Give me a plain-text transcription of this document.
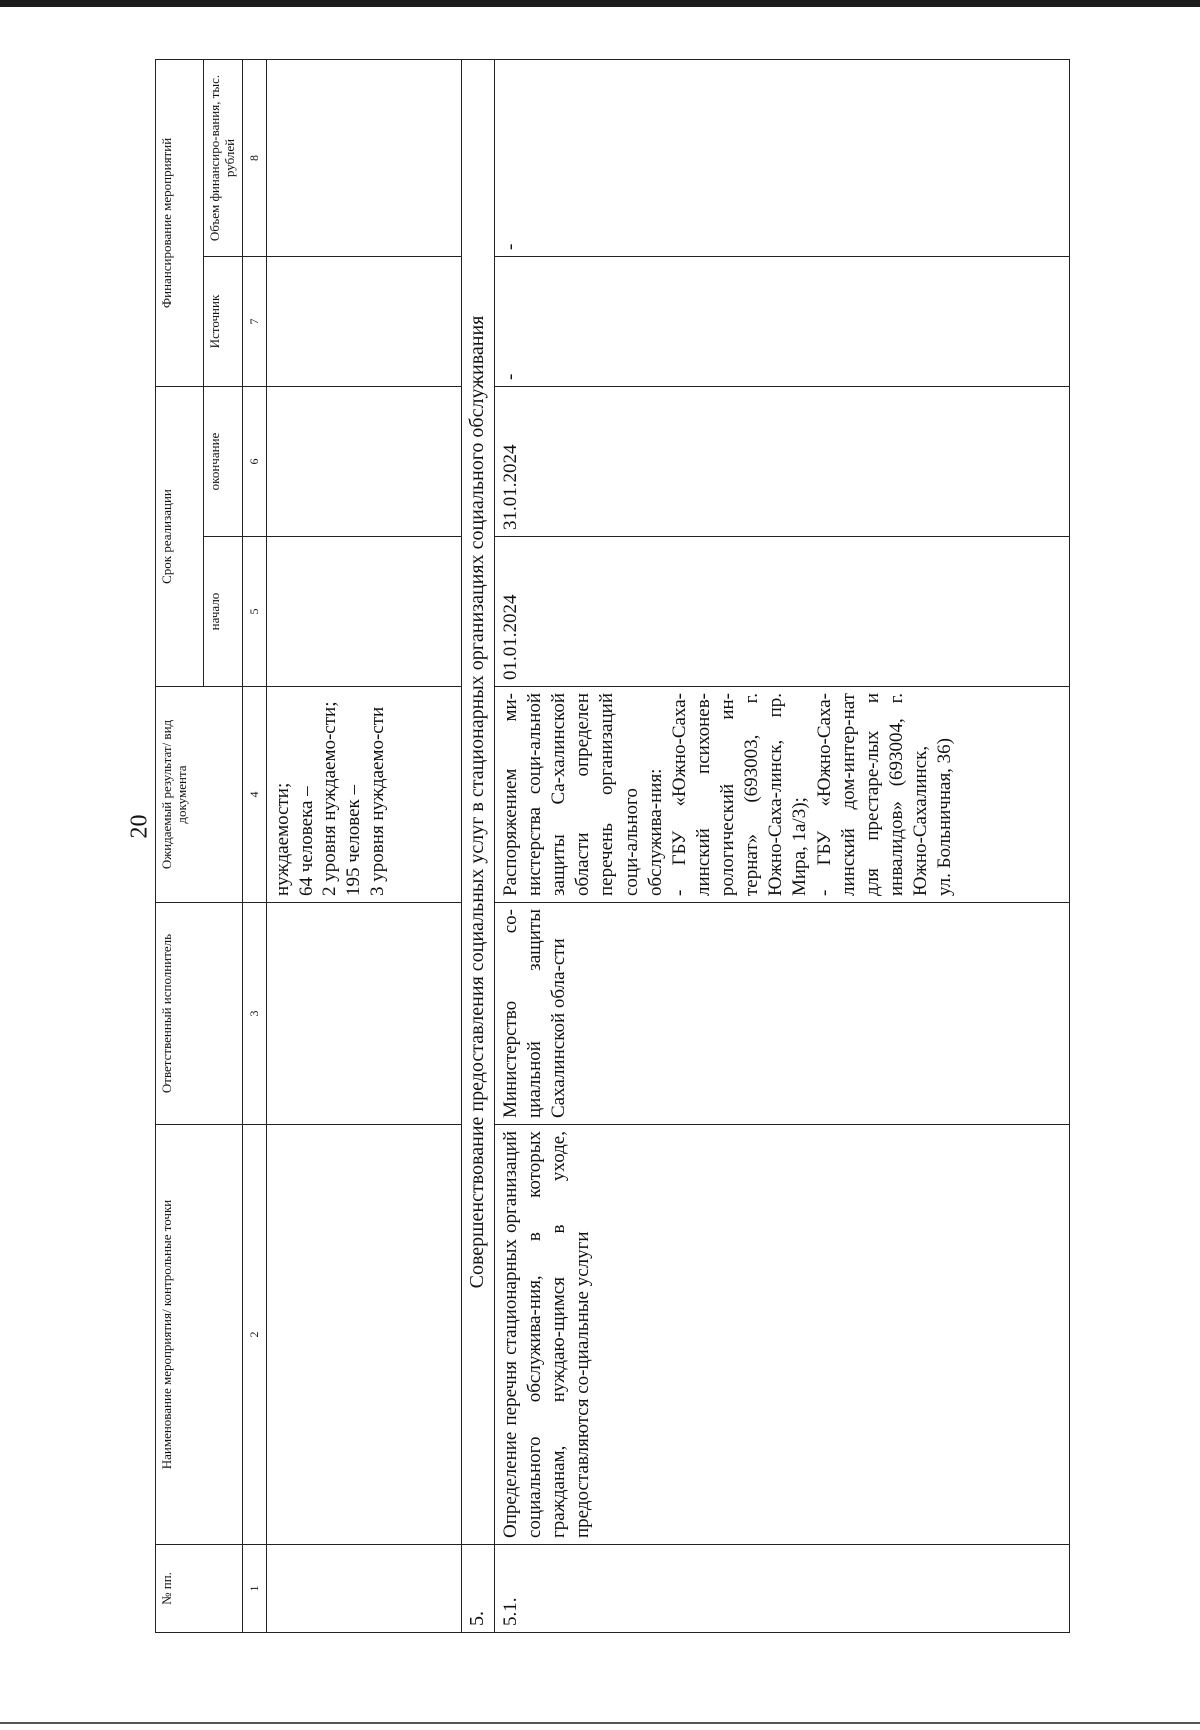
20
№ пп.	Наименование мероприятия/ контрольные точки	Ответственный исполнитель	Ожидаемый результат/ вид документа	Срок реализации		Финансирование мероприятий	
				начало	окончание	Источник	Объем финансиро-вания, тыс. рублей
1	2	3	4	5	6	7	8

			нуждаемости; 64 человека – 2 уровня нуждаемо-сти; 195 человек – 3 уровня нуждаемо-сти				

5.	Совершенствование предоставления социальных услуг в стационарных организациях социального обслуживания						
5.1.	Определение перечня стационарных организаций социального обслужива-ния, в которых гражданам, нуждаю-щимся в уходе, предоставляются со-циальные услуги	Министерство со-циальной защиты Сахалинской обла-сти	Распоряжением ми-нистерства соци-альной защиты Са-халинской области определен перечень организаций соци-ального обслужива-ния: - ГБУ «Южно-Саха-линский психонев-рологический ин-тернат» (693003, г. Южно-Саха-линск, пр. Мира, 1а/3); - ГБУ «Южно-Саха-линский дом-интер-нат для престаре-лых и инвалидов» (693004, г. Южно-Сахалинск, ул. Больничная, 36)	01.01.2024	31.01.2024	-	-
